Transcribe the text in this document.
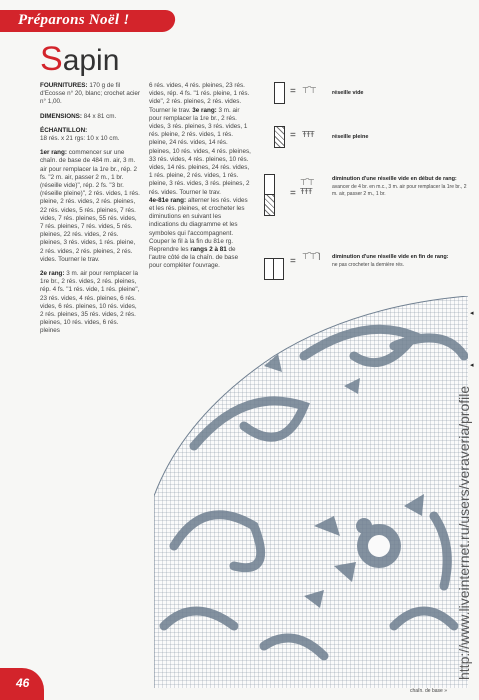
Préparons Noël !
Sapin
FOURNITURES: 170 g de fil d'Ecosse n° 20, blanc; crochet acier n° 1,00.
DIMENSIONS: 84 x 81 cm.
ÉCHANTILLON:
18 rés. x 21 rgs: 10 x 10 cm.
1er rang: commencer sur une chaîn. de base de 484 m. air, 3 m. air pour remplacer la 1re br., rép. 2 fs. "2 m. air, passer 2 m., 1 br. (réseille vide)", rép. 2 fs. "3 br. (réseille pleine)", 2 rés. vides, 1 rés. pleine, 2 rés. vides, 2 rés. pleines, 22 rés. vides, 5 rés. pleines, 7 rés. vides, 7 rés. pleines, 55 rés. vides, 7 rés. pleines, 7 rés. vides, 5 rés. pleines, 22 rés. vides, 2 rés. pleines, 3 rés. vides, 1 rés. pleine, 2 rés. vides, 2 rés. pleines, 2 rés. vides. Tourner le trav.
2e rang: 3 m. air pour remplacer la 1re br., 2 rés. vides, 2 rés. pleines, rép. 4 fs. "1 rés. vide, 1 rés. pleine", 23 rés. vides, 4 rés. pleines, 6 rés. vides, 6 rés. pleines, 10 rés. vides, 2 rés. pleines, 35 rés. vides, 2 rés. pleines, 10 rés. vides, 6 rés. pleines
6 rés. vides, 4 rés. pleines, 23 rés. vides, rép. 4 fs. "1 rés. pleine, 1 rés. vide", 2 rés. pleines, 2 rés. vides. Tourner le trav. 3e rang: 3 m. air pour remplacer la 1re br., 2 rés. vides, 3 rés. pleines, 3 rés. vides, 1 rés. pleine, 2 rés. vides, 1 rés. pleine, 24 rés. vides, 14 rés. pleines, 10 rés. vides, 4 rés. pleines, 33 rés. vides, 4 rés. pleines, 10 rés. vides, 14 rés. pleines, 24 rés. vides, 1 rés. pleine, 2 rés. vides, 1 rés. pleine, 3 rés. vides, 3 rés. pleines, 2 rés. vides. Tourner le trav.
4e-81e rang: alterner les rés. vides et les rés. pleines, et crocheter les diminutions en suivant les indications du diagramme et les symboles qui l'accompagnent. Couper le fil à la fin du 81e rg. Reprendre les rangs 2 à 81 de l'autre côté de la chaîn. de base pour compléter l'ouvrage.
= ⊤‾⊤	réseille vide
= ŦŦŦ	réseille pleine
=
⊤‾⊤
ŦŦŦ
diminution d'une réseille vide en début de rang:
avancer de 4 br. en m.c., 3 m. air pour remplacer la 1re br., 2 m. air, passer 2 m., 1 br.
= ⊤‾⊤‾⌉ diminution d'une réseille vide en fin de rang:
ne pas crocheter la dernière rés.
◂
◂
chaîn. de base »
46
http://www.liveinternet.ru/users/veraveria/profile
